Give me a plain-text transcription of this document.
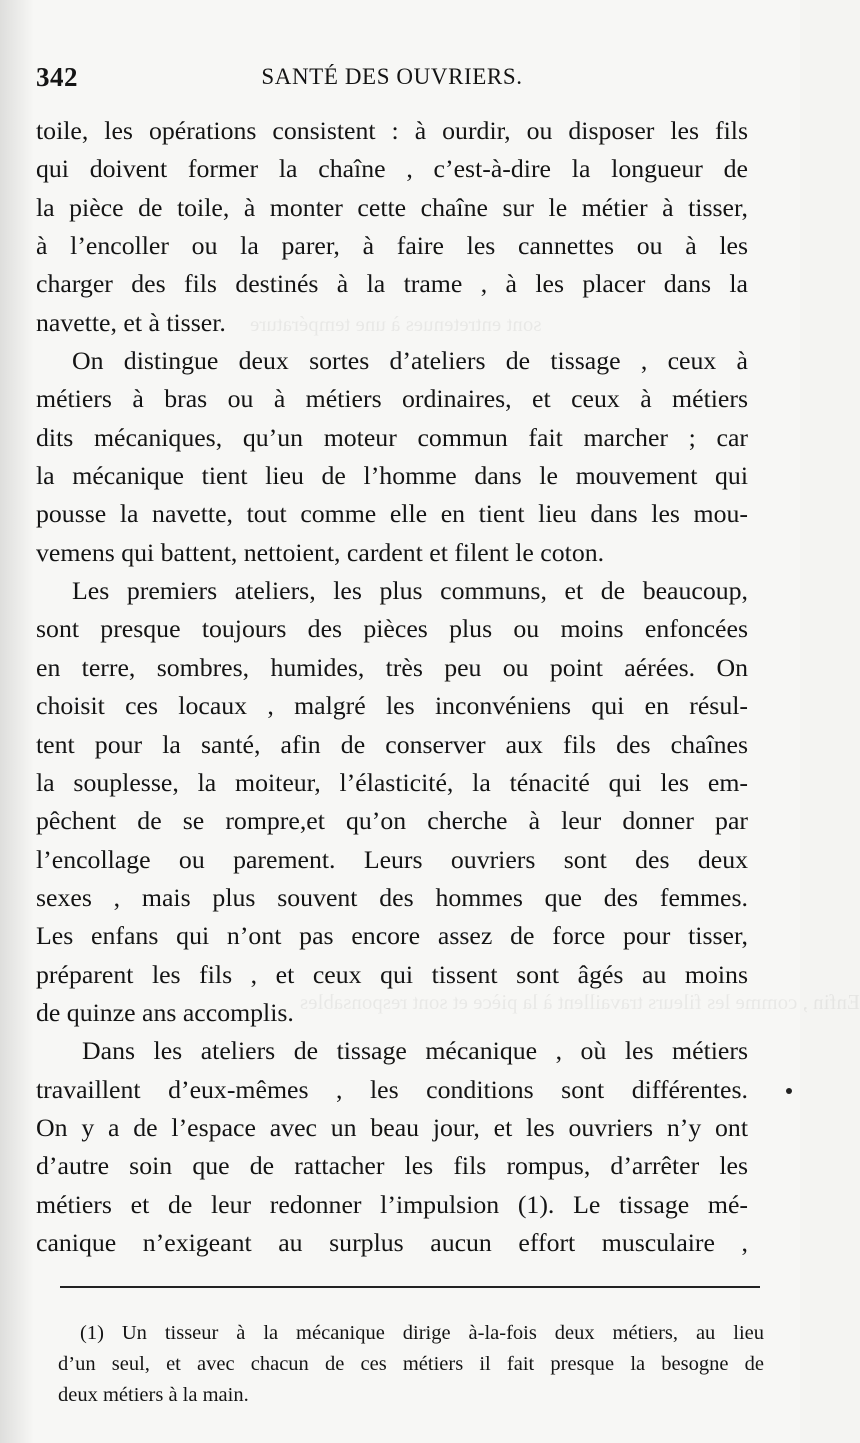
sont entretenues à une température
Enfin , comme les fileurs travaillent à la pièce et sont responsables
342	SANTÉ DES OUVRIERS.

toile, les opérations consistent : à ourdir, ou disposer les fils
qui doivent former la chaîne , c’est-à-dire la longueur de
la pièce de toile, à monter cette chaîne sur le métier à tisser,
à l’encoller ou la parer, à faire les cannettes ou à les
charger des fils destinés à la trame , à les placer dans la
navette, et à tisser.

On distingue deux sortes d’ateliers de tissage , ceux à
métiers à bras ou à métiers ordinaires, et ceux à métiers
dits mécaniques, qu’un moteur commun fait marcher ; car
la mécanique tient lieu de l’homme dans le mouvement qui
pousse la navette, tout comme elle en tient lieu dans les mou-
vemens qui battent, nettoient, cardent et filent le coton.

Les premiers ateliers, les plus communs, et de beaucoup,
sont presque toujours des pièces plus ou moins enfoncées
en terre, sombres, humides, très peu ou point aérées. On
choisit ces locaux , malgré les inconvéniens qui en résul-
tent pour la santé, afin de conserver aux fils des chaînes
la souplesse, la moiteur, l’élasticité, la ténacité qui les em-
pêchent de se rompre,et qu’on cherche à leur donner par
l’encollage ou parement. Leurs ouvriers sont des deux
sexes , mais plus souvent des hommes que des femmes.
Les enfans qui n’ont pas encore assez de force pour tisser,
préparent les fils , et ceux qui tissent sont âgés au moins
de quinze ans accomplis.

Dans les ateliers de tissage mécanique , où les métiers
travaillent d’eux-mêmes , les conditions sont différentes.
On y a de l’espace avec un beau jour, et les ouvriers n’y ont
d’autre soin que de rattacher les fils rompus, d’arrêter les
métiers et de leur redonner l’impulsion (1). Le tissage mé-
canique n’exigeant au surplus aucun effort musculaire ,

(1) Un tisseur à la mécanique dirige à-la-fois deux métiers, au lieu
d’un seul, et avec chacun de ces métiers il fait presque la besogne de
deux métiers à la main.
